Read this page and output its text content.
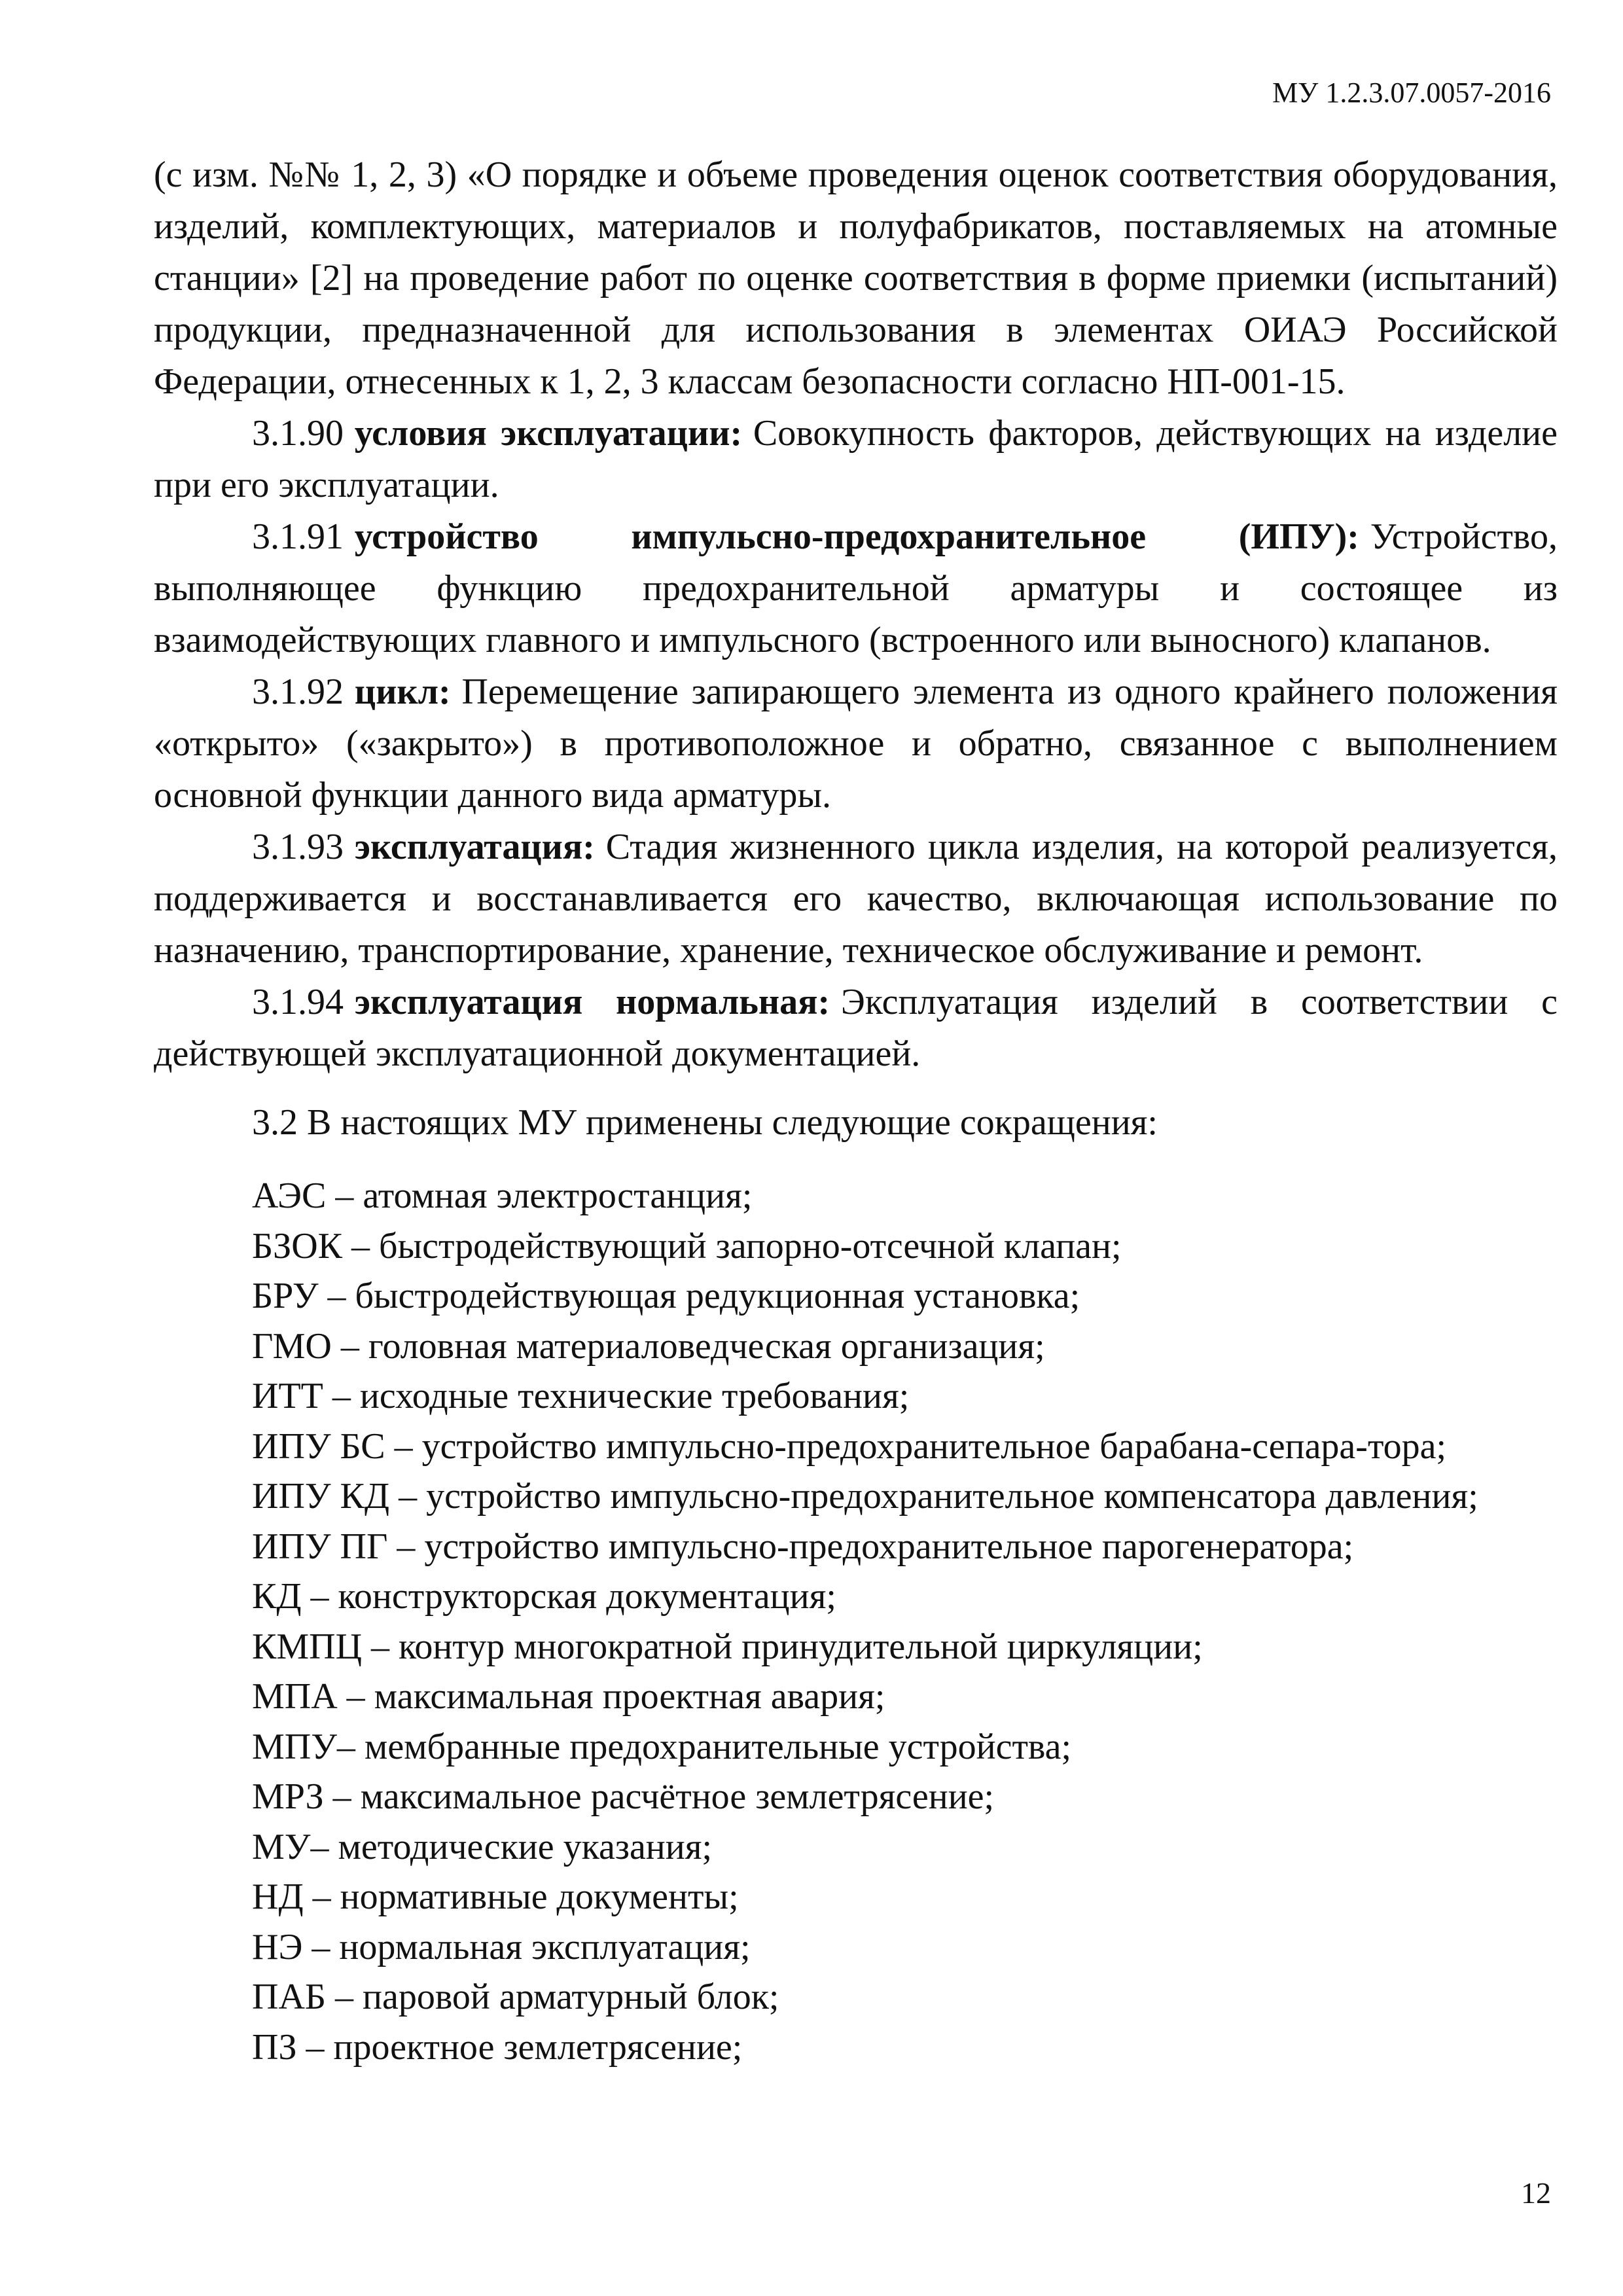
МУ 1.2.3.07.0057-2016

(с изм. №№ 1, 2, 3) «О порядке и объеме проведения оценок соответствия оборудования, изделий, комплектующих, материалов и полуфабрикатов, поставляемых на атомные станции» [2] на проведение работ по оценке соответствия в форме приемки (испытаний) продукции, предназначенной для использования в элементах ОИАЭ Российской Федерации, отнесенных к 1, 2, 3 классам безопасности согласно НП-001-15.

3.1.90 условия эксплуатации: Совокупность факторов, действующих на изделие при его эксплуатации.

3.1.91 устройство импульсно-предохранительное (ИПУ): Устройство, выполняющее функцию предохранительной арматуры и состоящее из взаимодействующих главного и импульсного (встроенного или выносного) клапанов.

3.1.92 цикл: Перемещение запирающего элемента из одного крайнего положения «открыто» («закрыто») в противоположное и обратно, связанное с выполнением основной функции данного вида арматуры.

3.1.93 эксплуатация: Стадия жизненного цикла изделия, на которой реализуется, поддерживается и восстанавливается его качество, включающая использование по назначению, транспортирование, хранение, техническое обслуживание и ремонт.

3.1.94 эксплуатация нормальная: Эксплуатация изделий в соответствии с действующей эксплуатационной документацией.

3.2 В настоящих МУ применены следующие сокращения:

АЭС – атомная электростанция;
БЗОК – быстродействующий запорно-отсечной клапан;
БРУ – быстродействующая редукционная установка;
ГМО – головная материаловедческая организация;
ИТТ – исходные технические требования;
ИПУ БС – устройство импульсно-предохранительное барабана-сепара-тора;
ИПУ КД – устройство импульсно-предохранительное компенсатора давления;
ИПУ ПГ – устройство импульсно-предохранительное парогенератора;
КД – конструкторская документация;
КМПЦ – контур многократной принудительной циркуляции;
МПА – максимальная проектная авария;
МПУ– мембранные предохранительные устройства;
МРЗ – максимальное расчётное землетрясение;
МУ– методические указания;
НД – нормативные документы;
НЭ – нормальная эксплуатация;
ПАБ – паровой арматурный блок;
ПЗ – проектное землетрясение;
12
